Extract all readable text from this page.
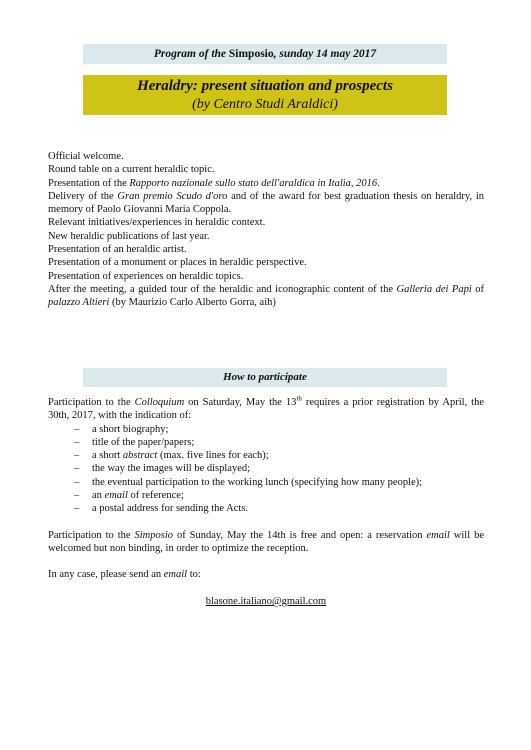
Program of the Simposio, sunday 14 may 2017
Heraldry: present situation and prospects
(by Centro Studi Araldici)

Official welcome.

Round table on a current heraldic topic.

Presentation of the Rapporto nazionale sullo stato dell'araldica in Italia, 2016.

Delivery of the Gran premio Scudo d'oro and of the award for best graduation thesis on heraldry, in memory of Paolo Giovanni Maria Coppola.

Relevant initiatives/experiences in heraldic context.

New heraldic publications of last year.

Presentation of an heraldic artist.

Presentation of a monument or places in heraldic perspective.

Presentation of experiences on heraldic topics.

After the meeting, a guided tour of the heraldic and iconographic content of the Galleria dei Papi of palazzo Altieri (by Maurizio Carlo Alberto Gorra, aih)

How to participate

Participation to the Colloquium on Saturday, May the 13th requires a prior registration by April, the 30th, 2017, with the indication of:

– a short biography;
– title of the paper/papers;
– a short abstract (max. five lines for each);
– the way the images will be displayed;
– the eventual participation to the working lunch (specifying how many people);
– an email of reference;
– a postal address for sending the Acts.

Participation to the Simposio of Sunday, May the 14th is free and open: a reservation email will be welcomed but non binding, in order to optimize the reception.

In any case, please send an email to:

blasone.italiano@gmail.com
